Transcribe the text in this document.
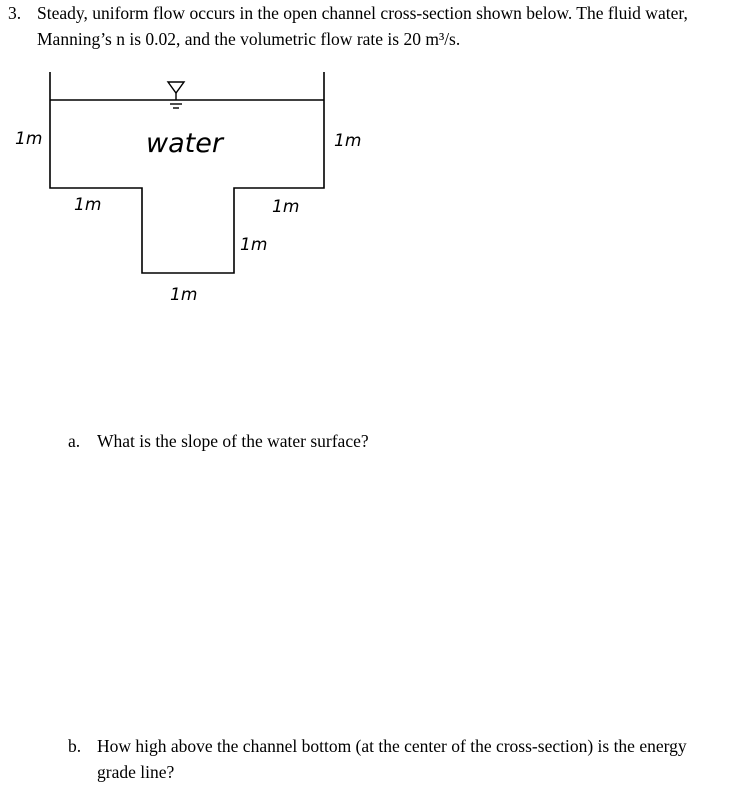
3. Steady, uniform flow occurs in the open channel cross-section shown below. The fluid water, Manning’s n is 0.02, and the volumetric flow rate is 20 m³/s.
water
1m	1m
1m	1m
1m
1m
a. What is the slope of the water surface?
b. How high above the channel bottom (at the center of the cross-section) is the energy grade line?
